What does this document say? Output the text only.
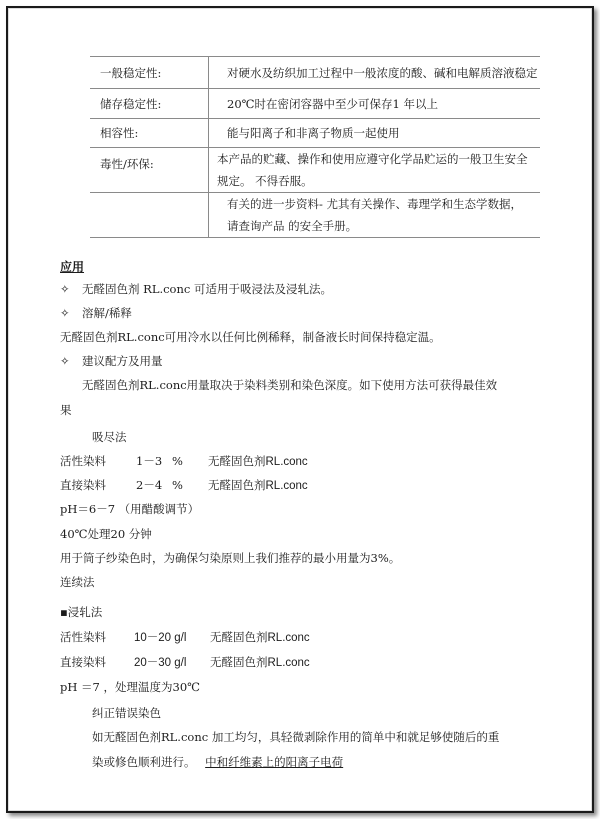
一般稳定性:	对硬水及纺织加工过程中一般浓度的酸、碱和电解质溶液稳定
储存稳定性:	20℃时在密闭容器中至少可保存1 年以上
相容性:	能与阳离子和非离子物质一起使用
毒性/环保:	本产品的贮藏、操作和使用应遵守化学品贮运的一般卫生安全规定。 不得吞服。
	有关的进一步资料- 尤其有关操作、毒理学和生态学数据，请查询产品 的安全手册。
应用
✧ 无醛固色剂 RL.conc 可适用于吸浸法及浸轧法。
✧ 溶解/稀释
无醛固色剂RL.conc可用冷水以任何比例稀释，制备液长时间保持稳定温。
✧ 建议配方及用量
无醛固色剂RL.conc用量取决于染料类别和染色深度。如下使用方法可获得最佳效
果
吸尽法
活性染料	1－3 % 无醛固色剂RL.conc
直接染料	2－4 % 无醛固色剂RL.conc
pH＝6－7 （用醋酸调节）
40℃处理20 分钟
用于筒子纱染色时，为确保匀染原则上我们推荐的最小用量为3%。
连续法
▪浸轧法
活性染料 10－20 g/l 无醛固色剂RL.conc
直接染料 20－30 g/l 无醛固色剂RL.conc
pH ＝7 ，处理温度为30℃
纠正错误染色
如无醛固色剂RL.conc 加工均匀，具轻微剥除作用的简单中和就足够使随后的重
染或修色顺利进行。 中和纤维素上的阳离子电荷
